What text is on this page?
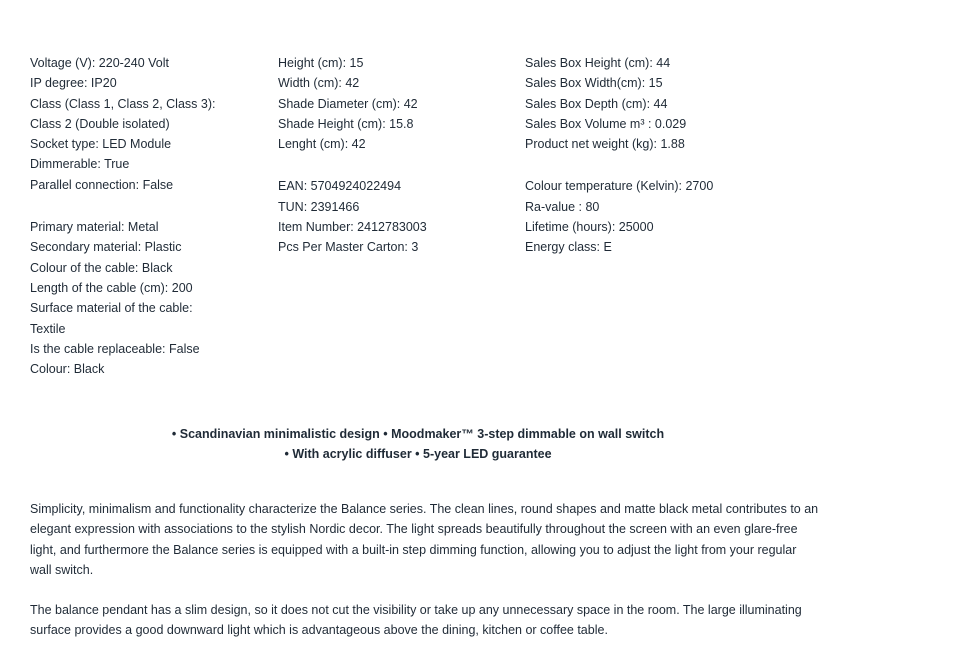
Voltage (V): 220-240 Volt
IP degree: IP20
Class (Class 1, Class 2, Class 3):
Class 2 (Double isolated)
Socket type: LED Module
Dimmerable: True
Parallel connection: False
Primary material: Metal
Secondary material: Plastic
Colour of the cable: Black
Length of the cable (cm): 200
Surface material of the cable:
Textile
Is the cable replaceable: False
Colour: Black
Height (cm): 15
Width (cm): 42
Shade Diameter (cm): 42
Shade Height (cm): 15.8
Lenght (cm): 42
EAN: 5704924022494
TUN: 2391466
Item Number: 2412783003
Pcs Per Master Carton: 3
Sales Box Height (cm): 44
Sales Box Width(cm): 15
Sales Box Depth (cm): 44
Sales Box Volume m³ : 0.029
Product net weight (kg): 1.88
Colour temperature (Kelvin): 2700
Ra-value : 80
Lifetime (hours): 25000
Energy class: E
• Scandinavian minimalistic design • Moodmaker™ 3-step dimmable on wall switch
• With acrylic diffuser • 5-year LED guarantee

Simplicity, minimalism and functionality characterize the Balance series. The clean lines, round shapes and matte black metal contributes to an elegant expression with associations to the stylish Nordic decor. The light spreads beautifully throughout the screen with an even glare-free light, and furthermore the Balance series is equipped with a built-in step dimming function, allowing you to adjust the light from your regular wall switch.

The balance pendant has a slim design, so it does not cut the visibility or take up any unnecessary space in the room. The large illuminating surface provides a good downward light which is advantageous above the dining, kitchen or coffee table.
